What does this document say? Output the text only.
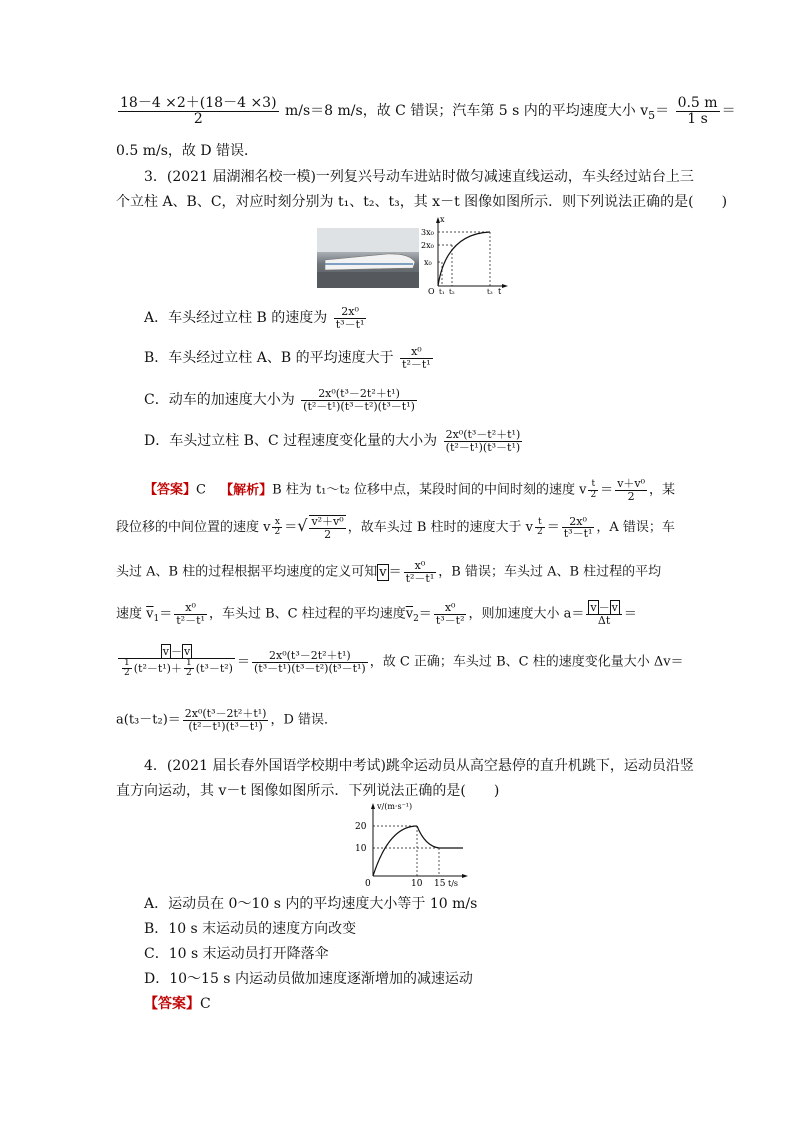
$\frac{18-4 \times 2+(18-4 \times 3)}{2} m/s=8$ m/s，故 C 错误；汽车第 5 s 内的平均速度大小 $v_5= \frac{0.5 m}{1 s}$ ＝
0.5 m/s，故 D 错误．
3．(2021 届湖湘名校一模)一列复兴号动车进站时做匀减速直线运动，车头经过站台上三
个立柱 A、B、C，对应时刻分别为 t₁、t₂、t₃，其 x－t 图像如图所示．则下列说法正确的是(　　)
x
3x₀
2x₀
x₀
O t₁ t₂	t₃ t
A．车头经过立柱 B 的速度为 $\frac{\text{2x⁰}}{\text{t³－t¹}}$
B．车头经过立柱 A、B 的平均速度大于 $\frac{\text{x⁰}}{\text{t²－t¹}}$
C．动车的加速度大小为 $\frac{\text{2x⁰(t³－2t²＋t¹)}}{\text{(t²－t¹)(t³－t²)(t³－t¹)}}$
D．车头过立柱 B、C 过程速度变化量的大小为 $\frac{\text{2x⁰(t³－t²＋t¹)}}{\text{(t²－t¹)(t³－t¹)}}$
【答案】C 【解析】B 柱为 t₁～t₂ 位移中点，某段时间的中间时刻的速度 v $\frac{t}{2} = \frac{\text{v＋v⁰}}{2}$ ，某
段位移的中间位置的速度 v $\frac{x}{2}$ ＝√ $\frac{\text{v²＋v⁰}}{2}$ ，故车头过 B 柱时的速度大于 v $\frac{t}{2} = \frac{\text{2x⁰}}{\text{t³－t¹}}$ ，A 错误；车
头过 A、B 柱的过程根据平均速度的定义可知 $v = \frac{\text{x⁰}}{\text{t²－t¹}}$ ，B 错误；车头过 A、B 柱过程的平均
速度 $\overline{v}_1= \frac{\text{x⁰}}{\text{t²－t¹}}$ ，车头过 B、C 柱过程的平均速度$\overline{v}_2= \frac{\text{x⁰}}{\text{t³－t²}}$ ，则加速度大小 $a= \frac{v - v}{\Delta t}$ ＝
$\frac{v - v}{\frac{1}{2} (t^2-t^1)+ \frac{1}{2} (t^3-t^2)} = \frac{\text{2x⁰(t³－2t²＋t¹)}}{\text{(t³－t¹)(t³－t²)(t³－t¹)}}$ ，故 C 正确；车头过 B、C 柱的速度变化量大小 Δv＝
$a(t_3-t_2)= \frac{\text{2x⁰(t³－2t²＋t¹)}}{\text{(t²－t¹)(t³－t¹)}}$ ，D 错误．
4．(2021 届长春外国语学校期中考试)跳伞运动员从高空悬停的直升机跳下，运动员沿竖
直方向运动，其 v－t 图像如图所示．下列说法正确的是(　　)
v/(m·s⁻¹)
20
10
0	10 15 t/s
A．运动员在 0～10 s 内的平均速度大小等于 10 m/s
B．10 s 末运动员的速度方向改变
C．10 s 末运动员打开降落伞
D．10～15 s 内运动员做加速度逐渐增加的减速运动
【答案】C
